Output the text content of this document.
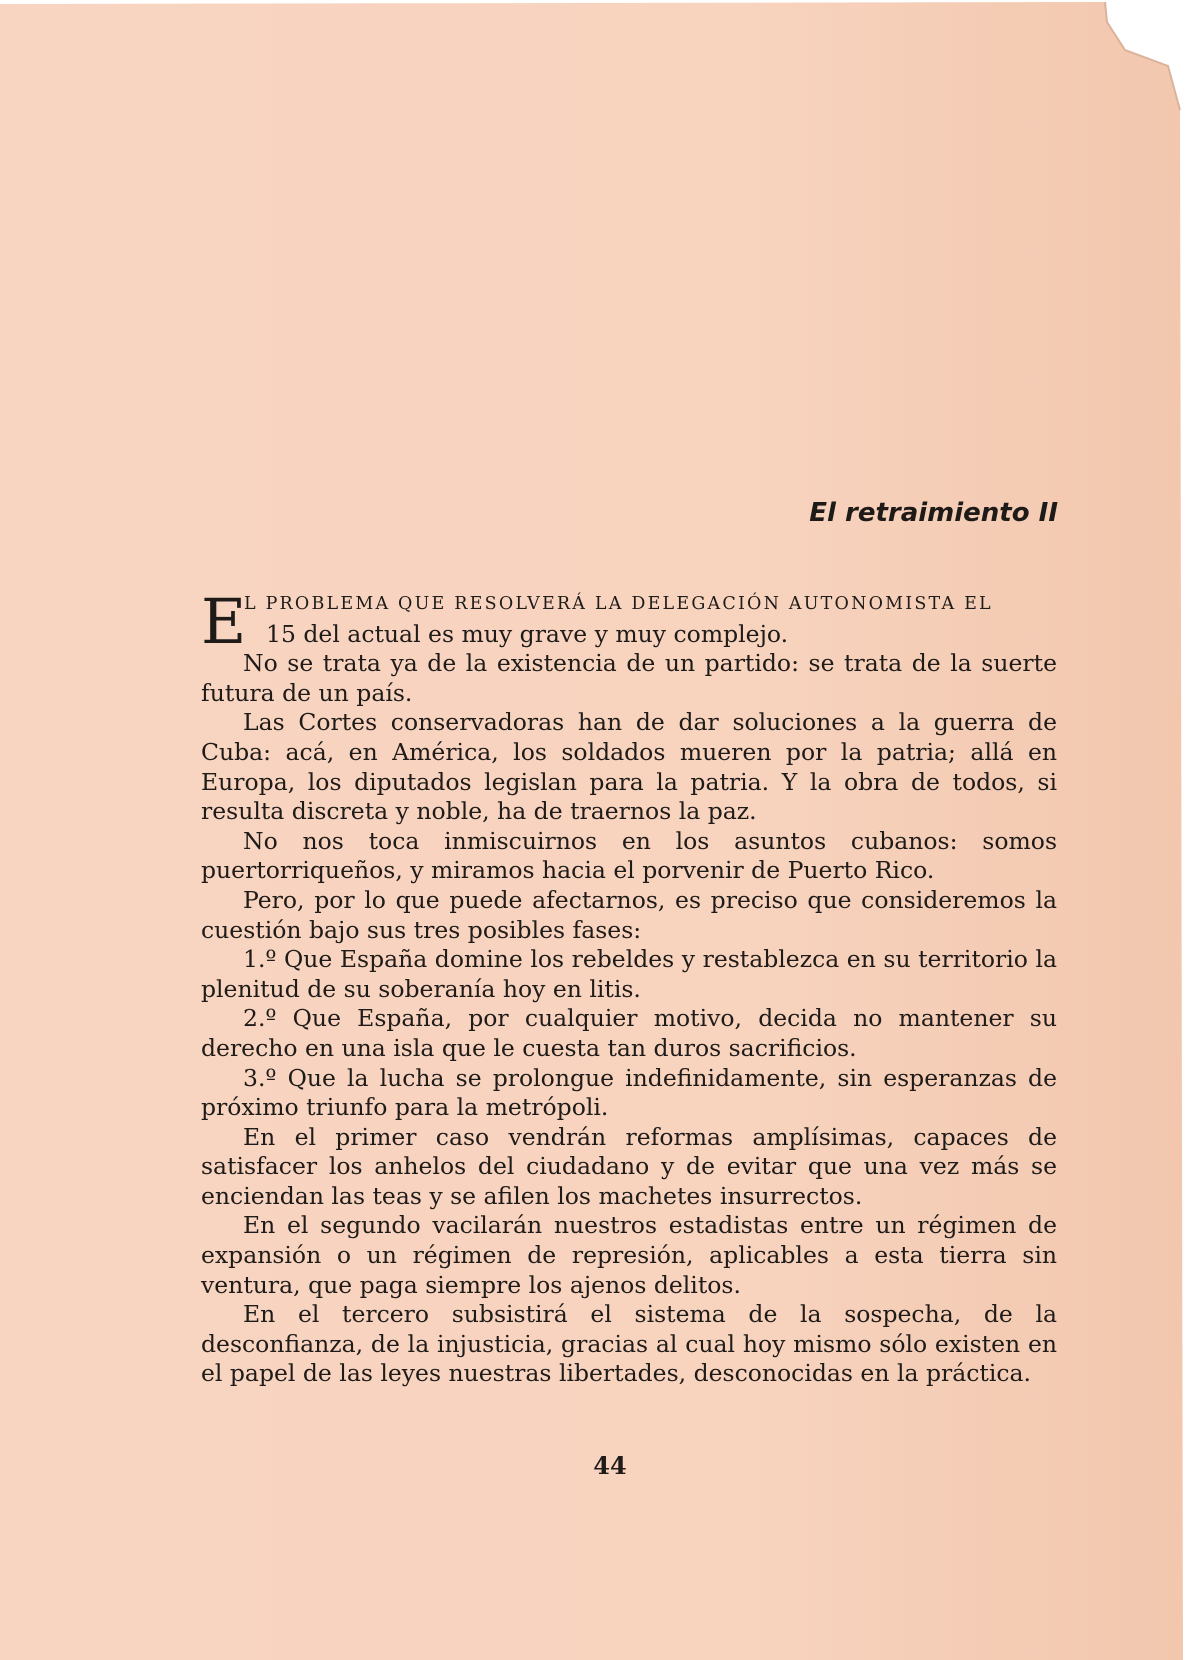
El retraimiento II
E
L PROBLEMA QUE RESOLVERÁ LA DELEGACIÓN AUTONOMISTA EL
15 del actual es muy grave y muy complejo.

No se trata ya de la existencia de un partido: se trata de la suerte futura de un país.

Las Cortes conservadoras han de dar soluciones a la guerra de Cuba: acá, en América, los soldados mueren por la patria; allá en Europa, los diputados legislan para la patria. Y la obra de todos, si resulta discreta y noble, ha de traernos la paz.

No nos toca inmiscuirnos en los asuntos cubanos: somos puertorriqueños, y miramos hacia el porvenir de Puerto Rico.

Pero, por lo que puede afectarnos, es preciso que consideremos la cuestión bajo sus tres posibles fases:

1.º Que España domine los rebeldes y restablezca en su territorio la plenitud de su soberanía hoy en litis.

2.º Que España, por cualquier motivo, decida no mantener su derecho en una isla que le cuesta tan duros sacrificios.

3.º Que la lucha se prolongue indefinidamente, sin esperanzas de próximo triunfo para la metrópoli.

En el primer caso vendrán reformas amplísimas, capaces de satisfacer los anhelos del ciudadano y de evitar que una vez más se enciendan las teas y se afilen los machetes insurrectos.

En el segundo vacilarán nuestros estadistas entre un régimen de expansión o un régimen de represión, aplicables a esta tierra sin ventura, que paga siempre los ajenos delitos.

En el tercero subsistirá el sistema de la sospecha, de la desconfianza, de la injusticia, gracias al cual hoy mismo sólo existen en el papel de las leyes nuestras libertades, desconocidas en la práctica.

44
